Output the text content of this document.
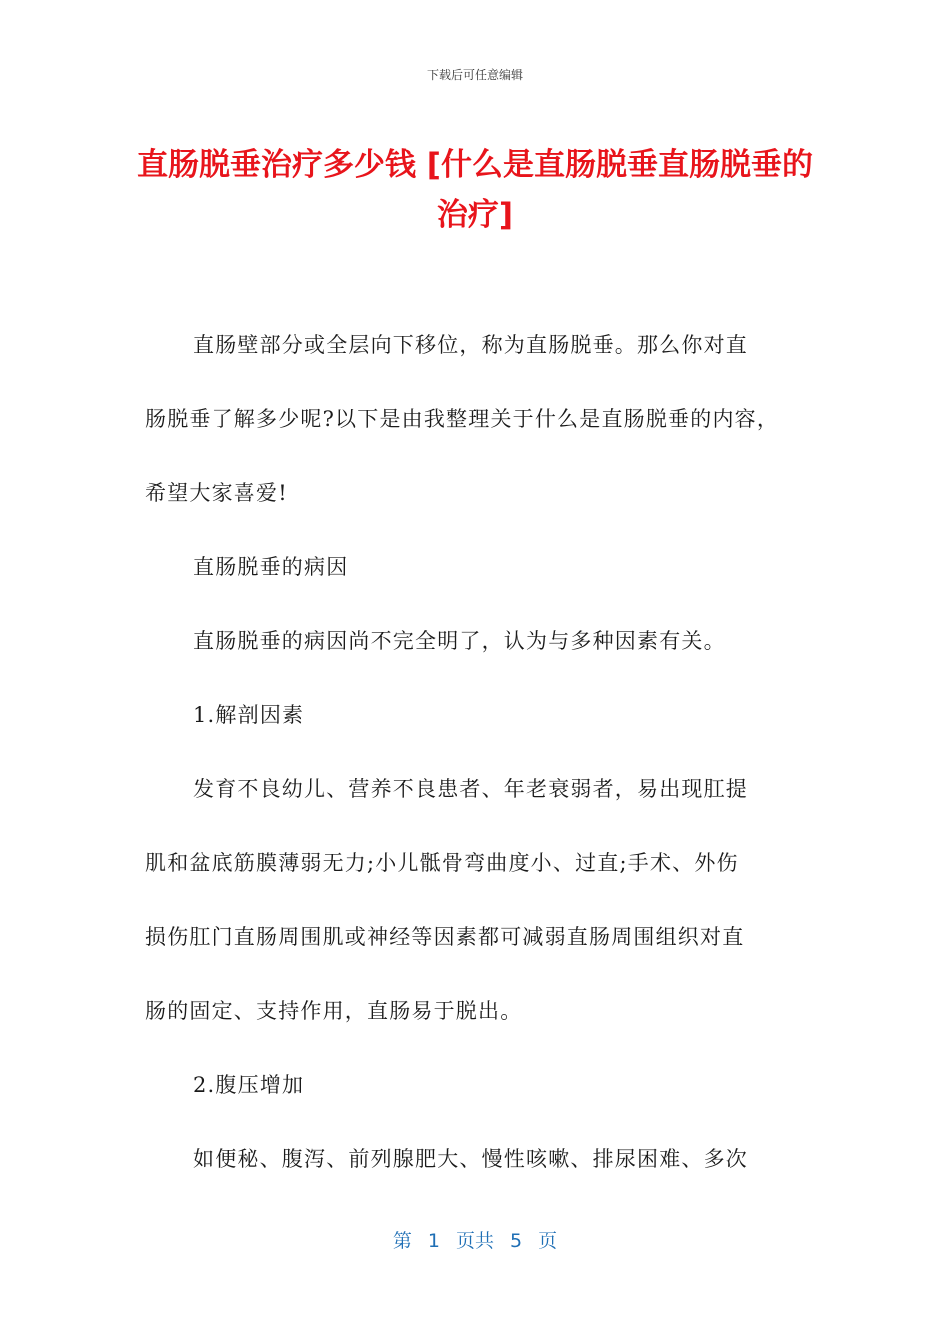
下载后可任意编辑
直肠脱垂治疗多少钱 [什么是直肠脱垂直肠脱垂的治疗]

直肠壁部分或全层向下移位，称为直肠脱垂。那么你对直

肠脱垂了解多少呢?以下是由我整理关于什么是直肠脱垂的内容，

希望大家喜爱!

直肠脱垂的病因

直肠脱垂的病因尚不完全明了，认为与多种因素有关。

1.解剖因素

发育不良幼儿、营养不良患者、年老衰弱者，易出现肛提

肌和盆底筋膜薄弱无力;小儿骶骨弯曲度小、过直;手术、外伤

损伤肛门直肠周围肌或神经等因素都可减弱直肠周围组织对直

肠的固定、支持作用，直肠易于脱出。

2.腹压增加

如便秘、腹泻、前列腺肥大、慢性咳嗽、排尿困难、多次

第 1 页共 5 页
